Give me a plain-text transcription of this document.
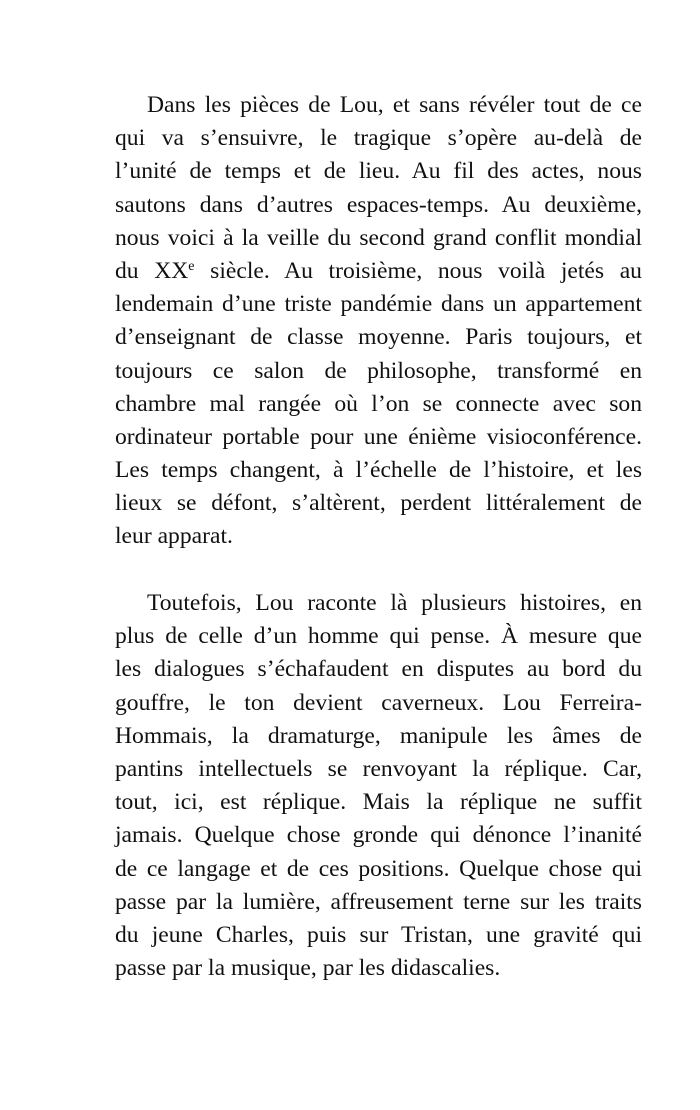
Dans les pièces de Lou, et sans révéler tout de ce
qui va s’ensuivre, le tragique s’opère au-delà de
l’unité de temps et de lieu. Au fil des actes, nous
sautons dans d’autres espaces-temps. Au deuxième,
nous voici à la veille du second grand conflit mondial
du XXe siècle. Au troisième, nous voilà jetés au
lendemain d’une triste pandémie dans un appartement
d’enseignant de classe moyenne. Paris toujours, et
toujours ce salon de philosophe, transformé en
chambre mal rangée où l’on se connecte avec son
ordinateur portable pour une énième visioconférence.
Les temps changent, à l’échelle de l’histoire, et les
lieux se défont, s’altèrent, perdent littéralement de
leur apparat.
Toutefois, Lou raconte là plusieurs histoires, en
plus de celle d’un homme qui pense. À mesure que
les dialogues s’échafaudent en disputes au bord du
gouffre, le ton devient caverneux. Lou Ferreira-
Hommais, la dramaturge, manipule les âmes de
pantins intellectuels se renvoyant la réplique. Car,
tout, ici, est réplique. Mais la réplique ne suffit
jamais. Quelque chose gronde qui dénonce l’inanité
de ce langage et de ces positions. Quelque chose qui
passe par la lumière, affreusement terne sur les traits
du jeune Charles, puis sur Tristan, une gravité qui
passe par la musique, par les didascalies.
